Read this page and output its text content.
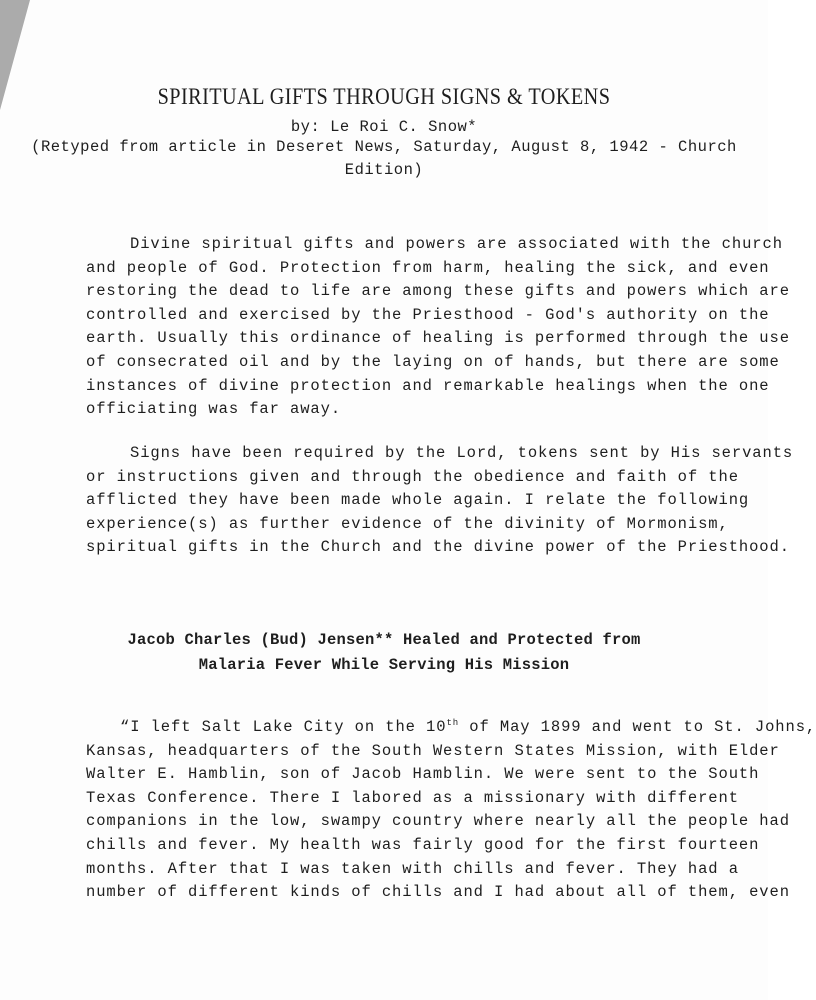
SPIRITUAL GIFTS THROUGH SIGNS & TOKENS
by: Le Roi C. Snow*
(Retyped from article in Deseret News, Saturday, August 8, 1942 - Church
Edition)
Divine spiritual gifts and powers are associated with the church
and people of God. Protection from harm, healing the sick, and even
restoring the dead to life are among these gifts and powers which are
controlled and exercised by the Priesthood - God's authority on the
earth. Usually this ordinance of healing is performed through the use
of consecrated oil and by the laying on of hands, but there are some
instances of divine protection and remarkable healings when the one
officiating was far away.
Signs have been required by the Lord, tokens sent by His servants
or instructions given and through the obedience and faith of the
afflicted they have been made whole again. I relate the following
experience(s) as further evidence of the divinity of Mormonism,
spiritual gifts in the Church and the divine power of the Priesthood.
Jacob Charles (Bud) Jensen** Healed and Protected from
Malaria Fever While Serving His Mission
“I left Salt Lake City on the 10th of May 1899 and went to St. Johns,
Kansas, headquarters of the South Western States Mission, with Elder
Walter E. Hamblin, son of Jacob Hamblin. We were sent to the South
Texas Conference. There I labored as a missionary with different
companions in the low, swampy country where nearly all the people had
chills and fever. My health was fairly good for the first fourteen
months. After that I was taken with chills and fever. They had a
number of different kinds of chills and I had about all of them, even
